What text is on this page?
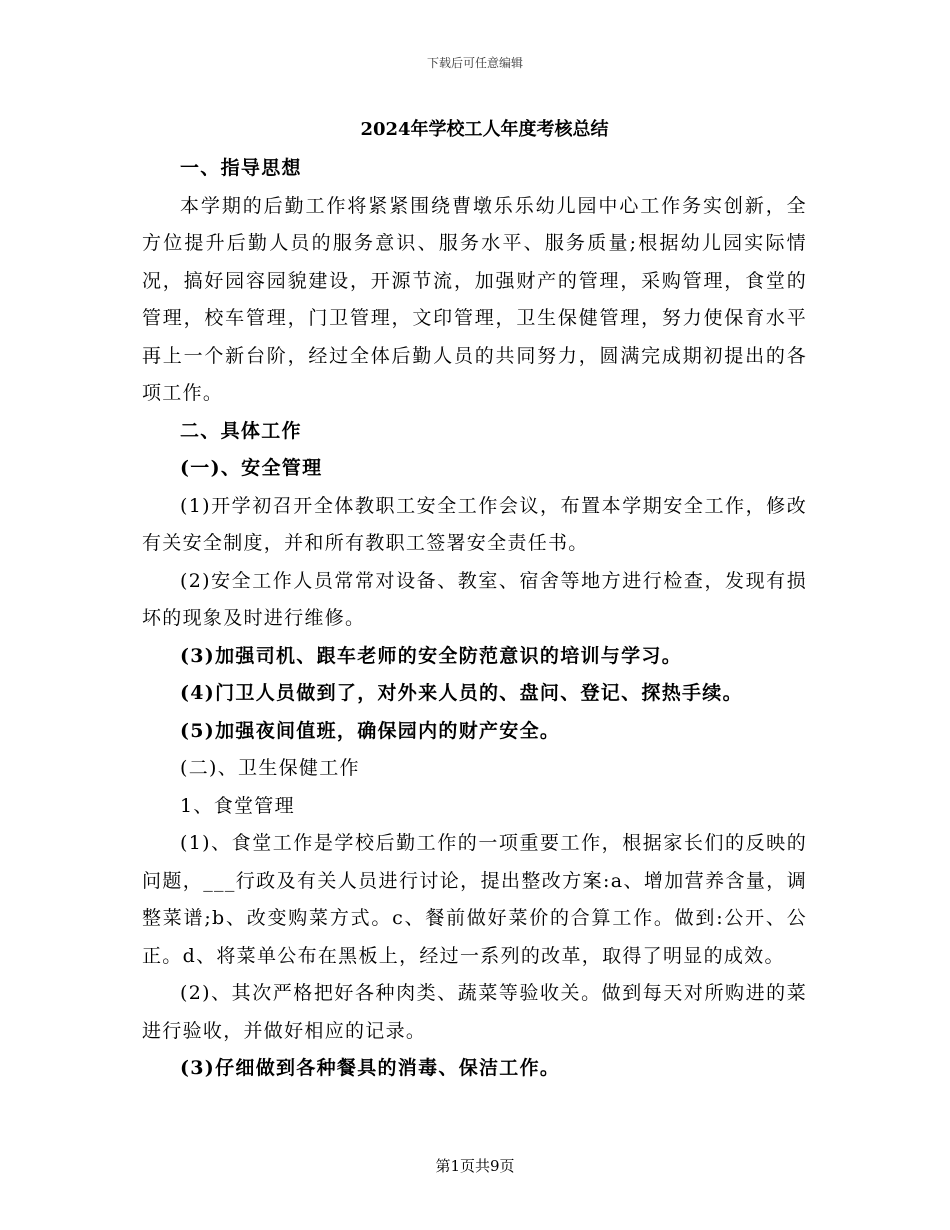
下载后可任意编辑
2024年学校工人年度考核总结

一、指导思想

本学期的后勤工作将紧紧围绕曹墩乐乐幼儿园中心工作务实创新，全方位提升后勤人员的服务意识、服务水平、服务质量;根据幼儿园实际情况，搞好园容园貌建设，开源节流，加强财产的管理，采购管理，食堂的管理，校车管理，门卫管理，文印管理，卫生保健管理，努力使保育水平再上一个新台阶，经过全体后勤人员的共同努力，圆满完成期初提出的各项工作。

二、具体工作

(一)、安全管理

(1)开学初召开全体教职工安全工作会议，布置本学期安全工作，修改有关安全制度，并和所有教职工签署安全责任书。

(2)安全工作人员常常对设备、教室、宿舍等地方进行检查，发现有损坏的现象及时进行维修。

(3)加强司机、跟车老师的安全防范意识的培训与学习。

(4)门卫人员做到了，对外来人员的、盘问、登记、探热手续。

(5)加强夜间值班，确保园内的财产安全。

(二)、卫生保健工作

1、食堂管理

(1)、食堂工作是学校后勤工作的一项重要工作，根据家长们的反映的问题，___行政及有关人员进行讨论，提出整改方案:a、增加营养含量，调整菜谱;b、改变购菜方式。c、餐前做好菜价的合算工作。做到:公开、公正。d、将菜单公布在黑板上，经过一系列的改革，取得了明显的成效。

(2)、其次严格把好各种肉类、蔬菜等验收关。做到每天对所购进的菜进行验收，并做好相应的记录。

(3)仔细做到各种餐具的消毒、保洁工作。

第1页共9页
